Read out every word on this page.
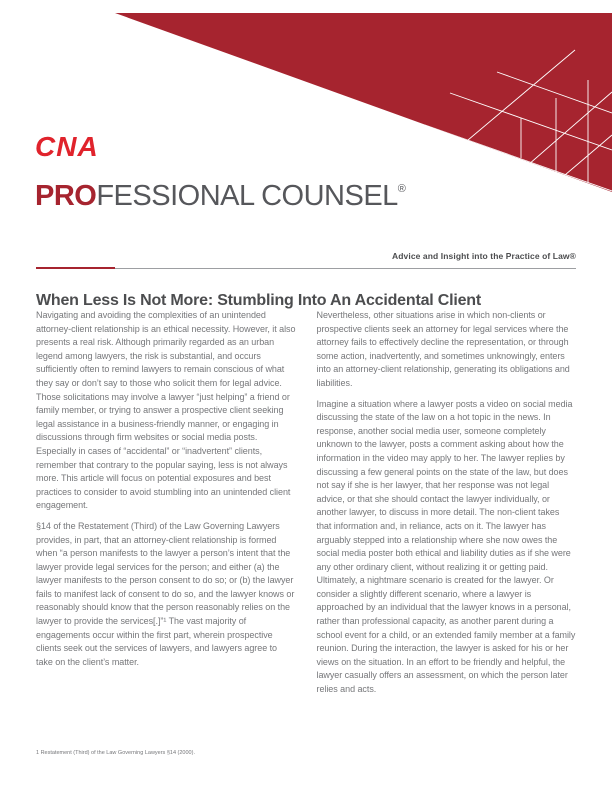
CNA
PROFESSIONAL COUNSEL®
Advice and Insight into the Practice of Law®
When Less Is Not More: Stumbling Into An Accidental Client

Navigating and avoiding the complexities of an unintended attorney-client relationship is an ethical necessity. However, it also presents a real risk. Although primarily regarded as an urban legend among lawyers, the risk is substantial, and occurs sufficiently often to remind lawyers to remain conscious of what they say or don’t say to those who solicit them for legal advice. Those solicitations may involve a lawyer “just helping” a friend or family member, or trying to answer a prospective client seeking legal assistance in a business-friendly manner, or engaging in discussions through firm websites or social media posts. Especially in cases of “accidental” or “inadvertent” clients, remember that contrary to the popular saying, less is not always more. This article will focus on potential exposures and best practices to consider to avoid stumbling into an unintended client engagement.

§14 of the Restatement (Third) of the Law Governing Lawyers provides, in part, that an attorney-client relationship is formed when “a person manifests to the lawyer a person’s intent that the lawyer provide legal services for the person; and either (a) the lawyer manifests to the person consent to do so; or (b) the lawyer fails to manifest lack of consent to do so, and the lawyer knows or reasonably should know that the person reasonably relies on the lawyer to provide the services[.]”¹ The vast majority of engagements occur within the first part, wherein prospective clients seek out the services of lawyers, and lawyers agree to take on the client’s matter.

Nevertheless, other situations arise in which non-clients or prospective clients seek an attorney for legal services where the attorney fails to effectively decline the representation, or through some action, inadvertently, and sometimes unknowingly, enters into an attorney-client relationship, generating its obligations and liabilities.

Imagine a situation where a lawyer posts a video on social media discussing the state of the law on a hot topic in the news. In response, another social media user, someone completely unknown to the lawyer, posts a comment asking about how the information in the video may apply to her. The lawyer replies by discussing a few general points on the state of the law, but does not say if she is her lawyer, that her response was not legal advice, or that she should contact the lawyer individually, or another lawyer, to discuss in more detail. The non-client takes that information and, in reliance, acts on it. The lawyer has arguably stepped into a relationship where she now owes the social media poster both ethical and liability duties as if she were any other ordinary client, without realizing it or getting paid. Ultimately, a nightmare scenario is created for the lawyer. Or consider a slightly different scenario, where a lawyer is approached by an individual that the lawyer knows in a personal, rather than professional capacity, as another parent during a school event for a child, or an extended family member at a family reunion. During the interaction, the lawyer is asked for his or her views on the situation. In an effort to be friendly and helpful, the lawyer casually offers an assessment, on which the person later relies and acts.

1 Restatement (Third) of the Law Governing Lawyers §14 (2000).
